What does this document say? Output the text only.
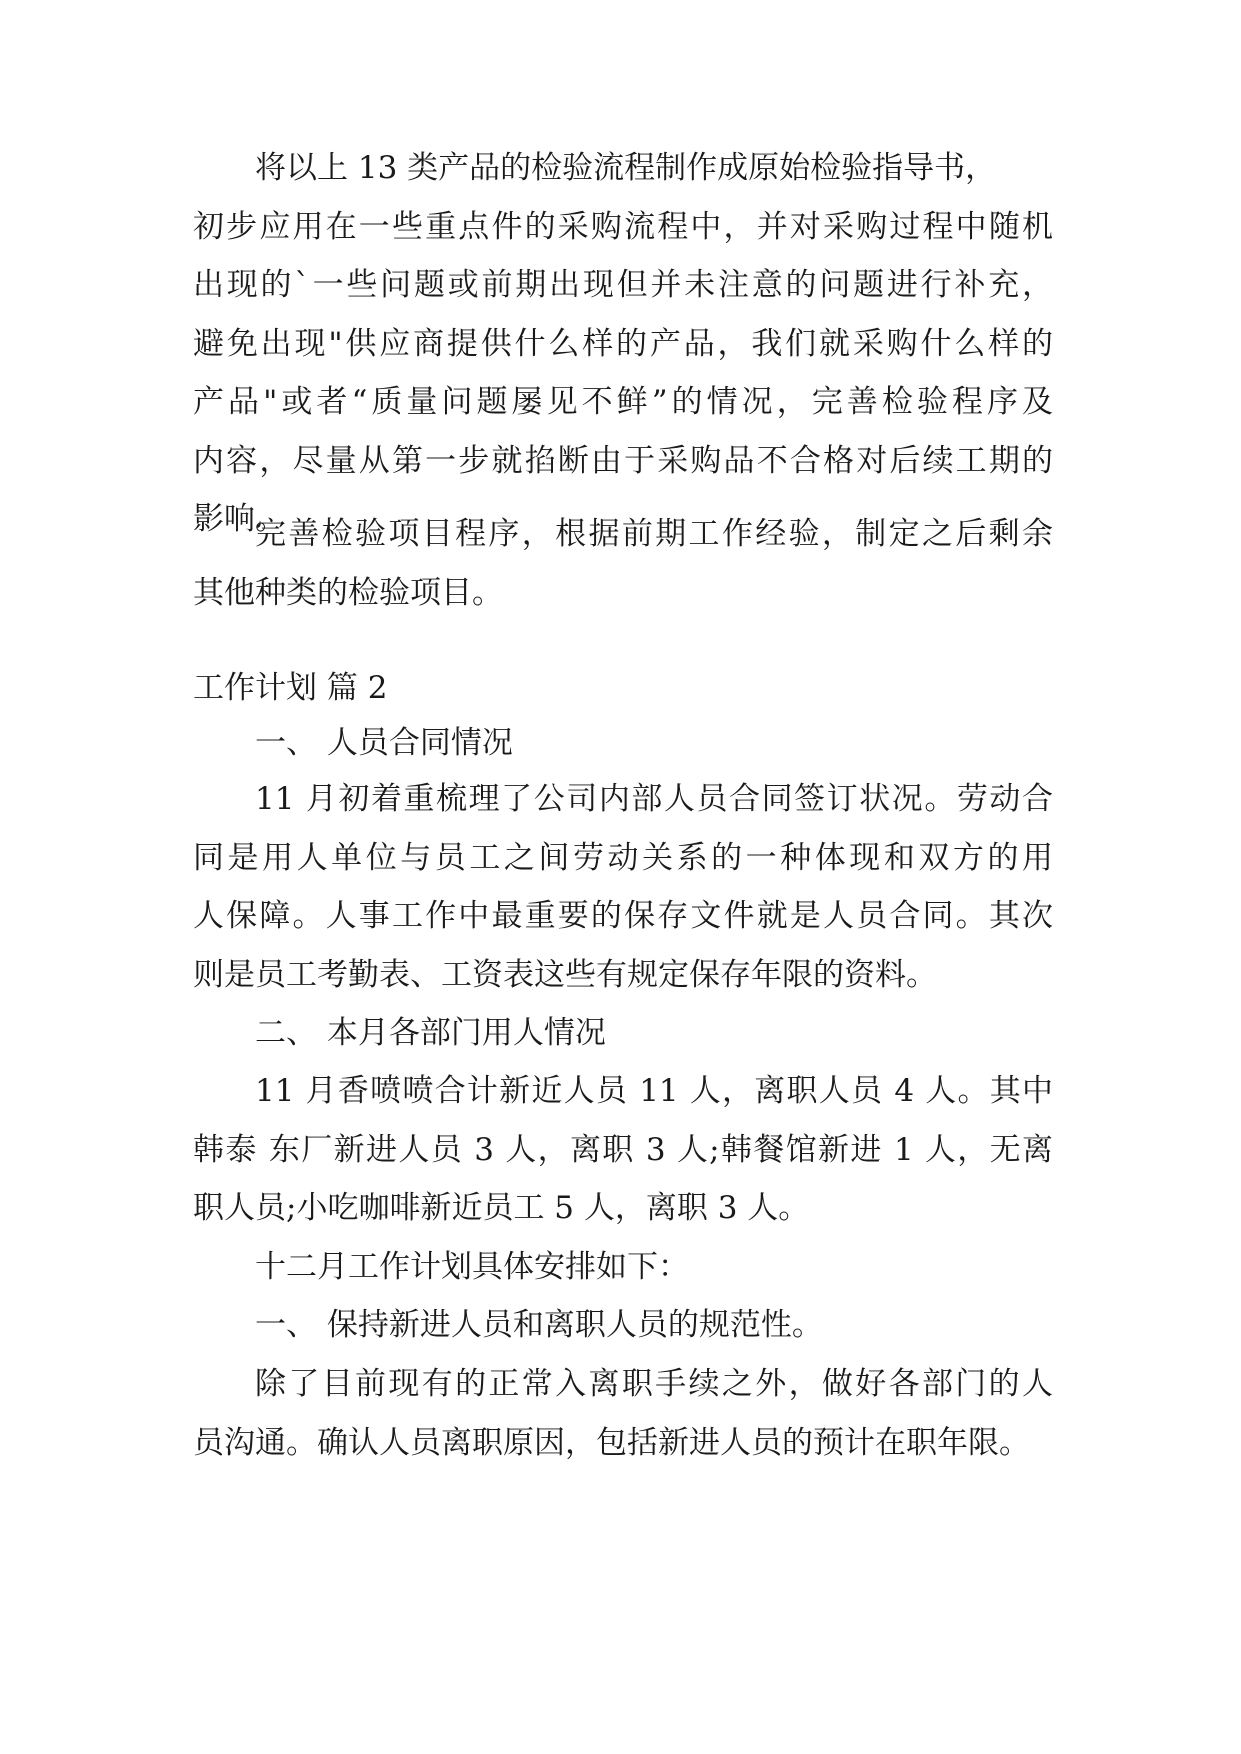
将以上 13 类产品的检验流程制作成原始检验指导书，
初步应用在一些重点件的采购流程中，并对采购过程中随机
出现的`一些问题或前期出现但并未注意的问题进行补充，
避免出现"供应商提供什么样的产品，我们就采购什么样的
产品"或者“质量问题屡见不鲜”的情况，完善检验程序及
内容，尽量从第一步就掐断由于采购品不合格对后续工期的
影响。
完善检验项目程序，根据前期工作经验，制定之后剩余
其他种类的检验项目。
工作计划 篇 2
一、 人员合同情况
11 月初着重梳理了公司内部人员合同签订状况。劳动合
同是用人单位与员工之间劳动关系的一种体现和双方的用
人保障。人事工作中最重要的保存文件就是人员合同。其次
则是员工考勤表、工资表这些有规定保存年限的资料。
二、 本月各部门用人情况
11 月香喷喷合计新近人员 11 人，离职人员 4 人。其中
韩泰 东厂新进人员 3 人，离职 3 人;韩餐馆新进 1 人，无离
职人员;小吃咖啡新近员工 5 人，离职 3 人。
十二月工作计划具体安排如下：
一、 保持新进人员和离职人员的规范性。
除了目前现有的正常入离职手续之外，做好各部门的人
员沟通。确认人员离职原因，包括新进人员的预计在职年限。
